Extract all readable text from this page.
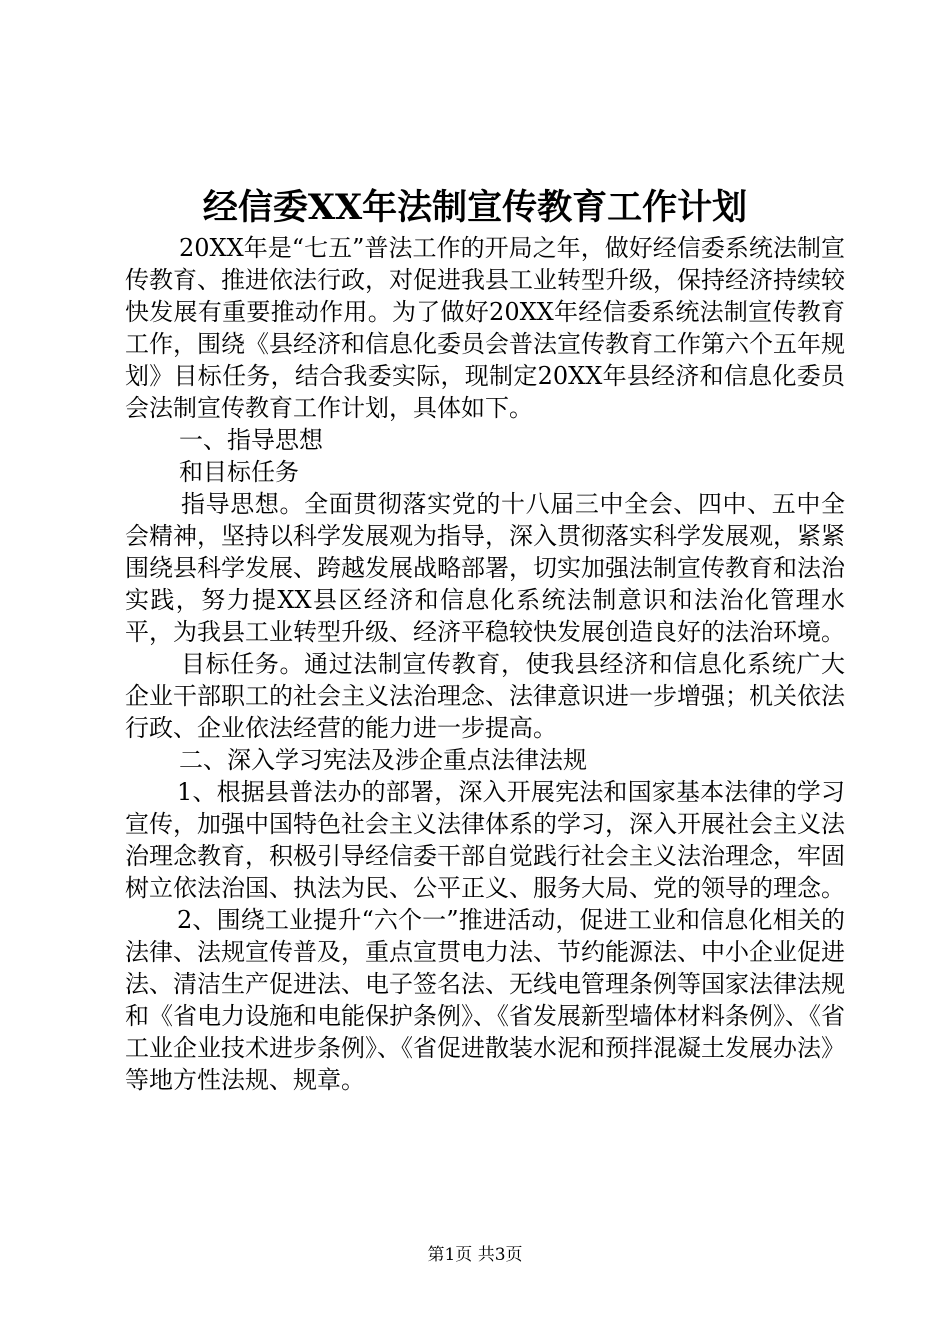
经信委XX年法制宣传教育工作计划

20XX年是“七五”普法工作的开局之年，做好经信委系统法制宣传教育、推进依法行政，对促进我县工业转型升级，保持经济持续较快发展有重要推动作用。为了做好20XX年经信委系统法制宣传教育工作，围绕《县经济和信息化委员会普法宣传教育工作第六个五年规划》目标任务，结合我委实际，现制定20XX年县经济和信息化委员会法制宣传教育工作计划，具体如下。

一、指导思想

和目标任务

指导思想。全面贯彻落实党的十八届三中全会、四中、五中全会精神，坚持以科学发展观为指导，深入贯彻落实科学发展观，紧紧围绕县科学发展、跨越发展战略部署，切实加强法制宣传教育和法治实践，努力提XX县区经济和信息化系统法制意识和法治化管理水平，为我县工业转型升级、经济平稳较快发展创造良好的法治环境。

目标任务。通过法制宣传教育，使我县经济和信息化系统广大企业干部职工的社会主义法治理念、法律意识进一步增强；机关依法行政、企业依法经营的能力进一步提高。

二、深入学习宪法及涉企重点法律法规

1、根据县普法办的部署，深入开展宪法和国家基本法律的学习宣传，加强中国特色社会主义法律体系的学习，深入开展社会主义法治理念教育，积极引导经信委干部自觉践行社会主义法治理念，牢固树立依法治国、执法为民、公平正义、服务大局、党的领导的理念。

2、围绕工业提升“六个一”推进活动，促进工业和信息化相关的法律、法规宣传普及，重点宣贯电力法、节约能源法、中小企业促进法、清洁生产促进法、电子签名法、无线电管理条例等国家法律法规和《省电力设施和电能保护条例》、《省发展新型墙体材料条例》、《省工业企业技术进步条例》、《省促进散装水泥和预拌混凝土发展办法》等地方性法规、规章。

第1页 共3页
